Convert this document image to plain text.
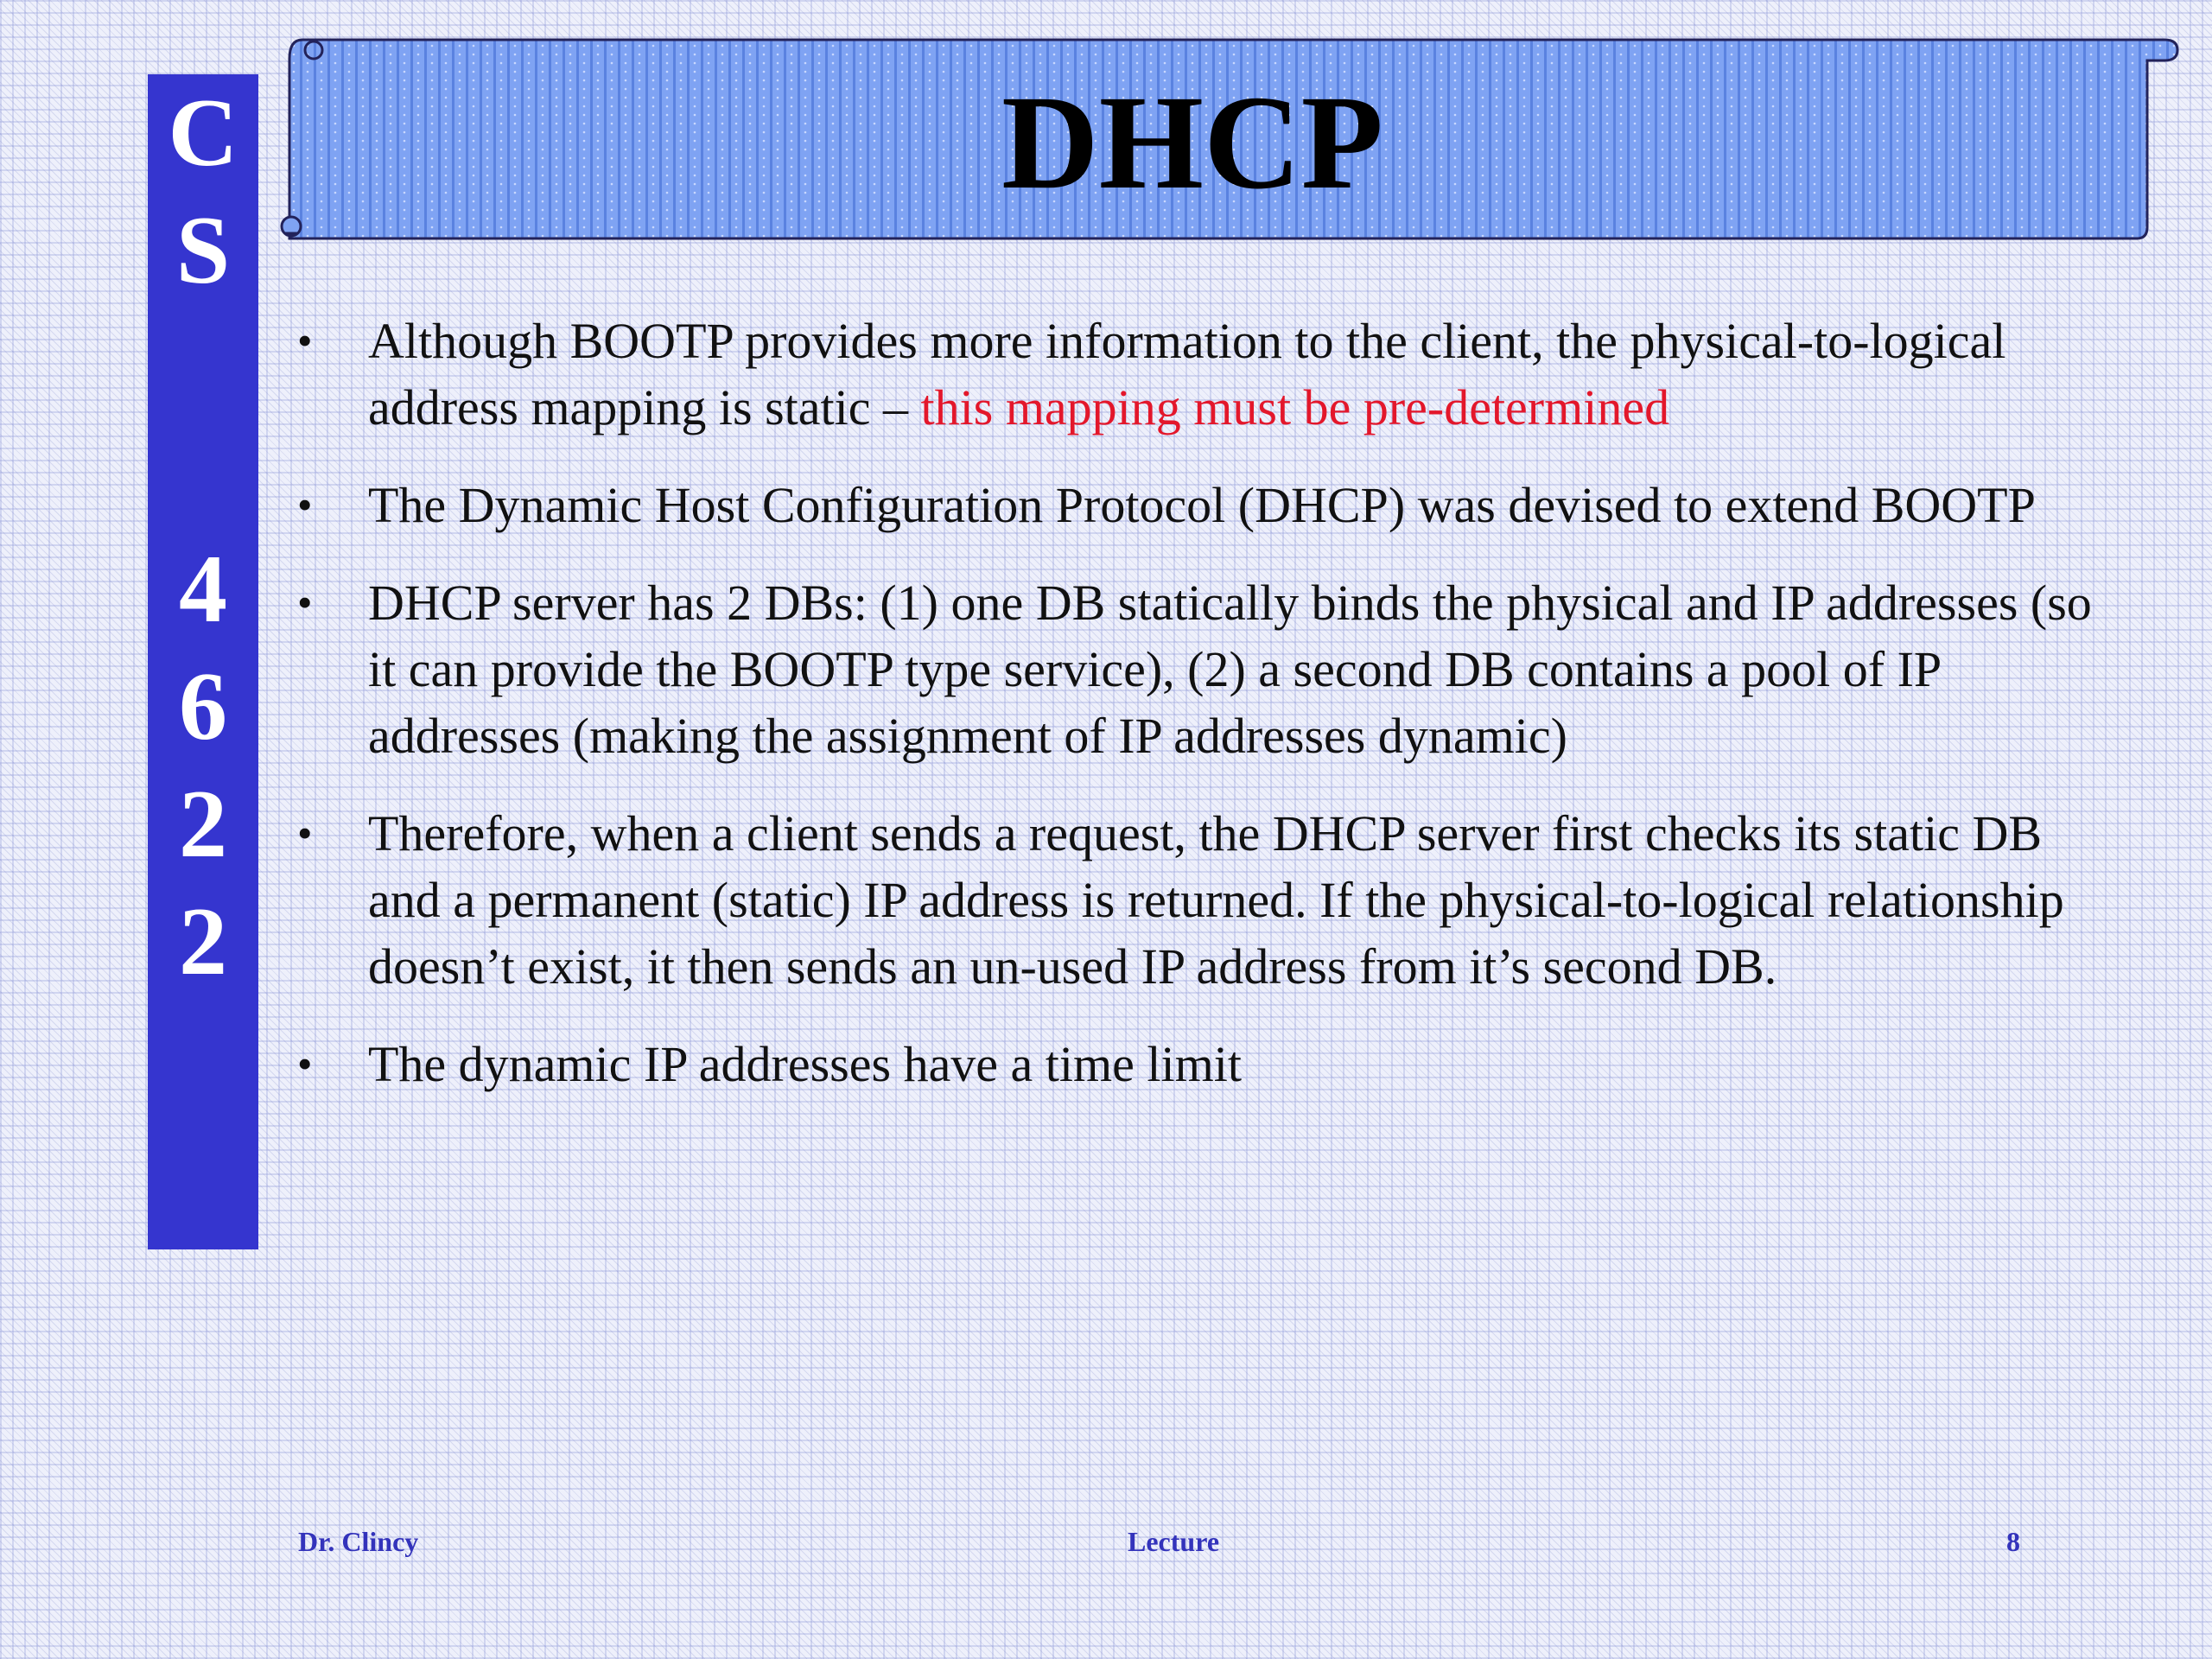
C
S
4
6
2
2
DHCP
• Although BOOTP provides more information to the client, the physical-to-logical address mapping is static – this mapping must be pre-determined
• The Dynamic Host Configuration Protocol (DHCP) was devised to extend BOOTP
• DHCP server has 2 DBs: (1) one DB statically binds the physical and IP addresses (so it can provide the BOOTP type service), (2) a second DB contains a pool of IP addresses (making the assignment of IP addresses dynamic)
• Therefore, when a client sends a request, the DHCP server first checks its static DB and a permanent (static) IP address is returned. If the physical-to-logical relationship doesn’t exist, it then sends an un-used IP address from it’s second DB.
• The dynamic IP addresses have a time limit
Dr. Clincy	Lecture	8
